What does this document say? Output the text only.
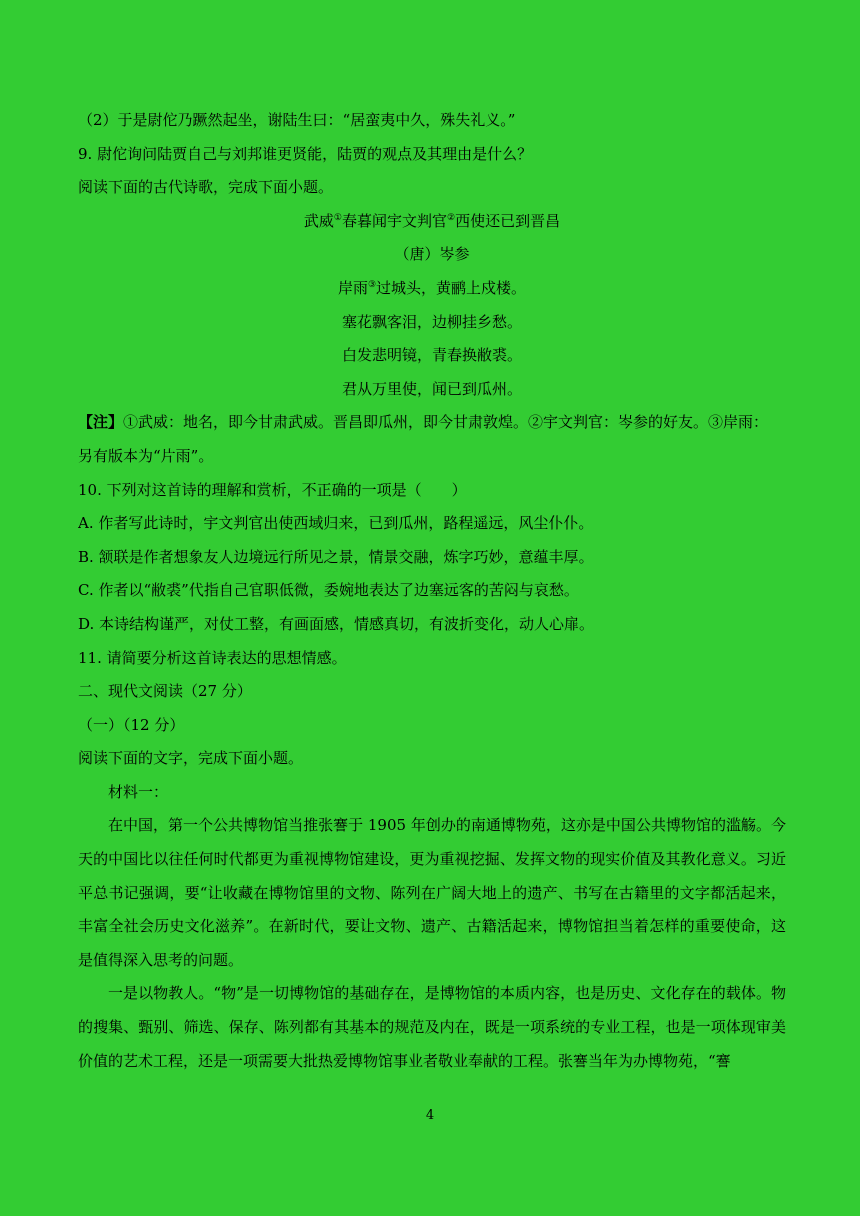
（2）于是尉佗乃蹶然起坐，谢陆生曰：“居蛮夷中久，殊失礼义。”
9. 尉佗询问陆贾自己与刘邦谁更贤能，陆贾的观点及其理由是什么？
阅读下面的古代诗歌，完成下面小题。
武威①春暮闻宇文判官②西使还已到晋昌
（唐）岑参
岸雨③过城头，黄鹂上戍楼。
塞花飘客泪，边柳挂乡愁。
白发悲明镜，青春换敝裘。
君从万里使，闻已到瓜州。
【注】①武威：地名，即今甘肃武威。晋昌即瓜州，即今甘肃敦煌。②宇文判官：岑参的好友。③岸雨：
另有版本为“片雨”。
10. 下列对这首诗的理解和赏析，不正确的一项是（　　）
A. 作者写此诗时，宇文判官出使西域归来，已到瓜州，路程遥远，风尘仆仆。
B. 颔联是作者想象友人边境远行所见之景，情景交融，炼字巧妙，意蕴丰厚。
C. 作者以“敝裘”代指自己官职低微，委婉地表达了边塞远客的苦闷与哀愁。
D. 本诗结构谨严，对仗工整，有画面感，情感真切，有波折变化，动人心扉。
11. 请简要分析这首诗表达的思想情感。
二、现代文阅读（27 分）
（一）（12 分）
阅读下面的文字，完成下面小题。
材料一：

在中国，第一个公共博物馆当推张謇于 1905 年创办的南通博物苑，这亦是中国公共博物馆的滥觞。今天的中国比以往任何时代都更为重视博物馆建设，更为重视挖掘、发挥文物的现实价值及其教化意义。习近平总书记强调，要“让收藏在博物馆里的文物、陈列在广阔大地上的遗产、书写在古籍里的文字都活起来，丰富全社会历史文化滋养”。在新时代，要让文物、遗产、古籍活起来，博物馆担当着怎样的重要使命，这是值得深入思考的问题。

一是以物教人。“物”是一切博物馆的基础存在，是博物馆的本质内容，也是历史、文化存在的载体。物的搜集、甄别、筛选、保存、陈列都有其基本的规范及内在，既是一项系统的专业工程，也是一项体现审美价值的艺术工程，还是一项需要大批热爱博物馆事业者敬业奉献的工程。张謇当年为办博物苑，“謇

4
